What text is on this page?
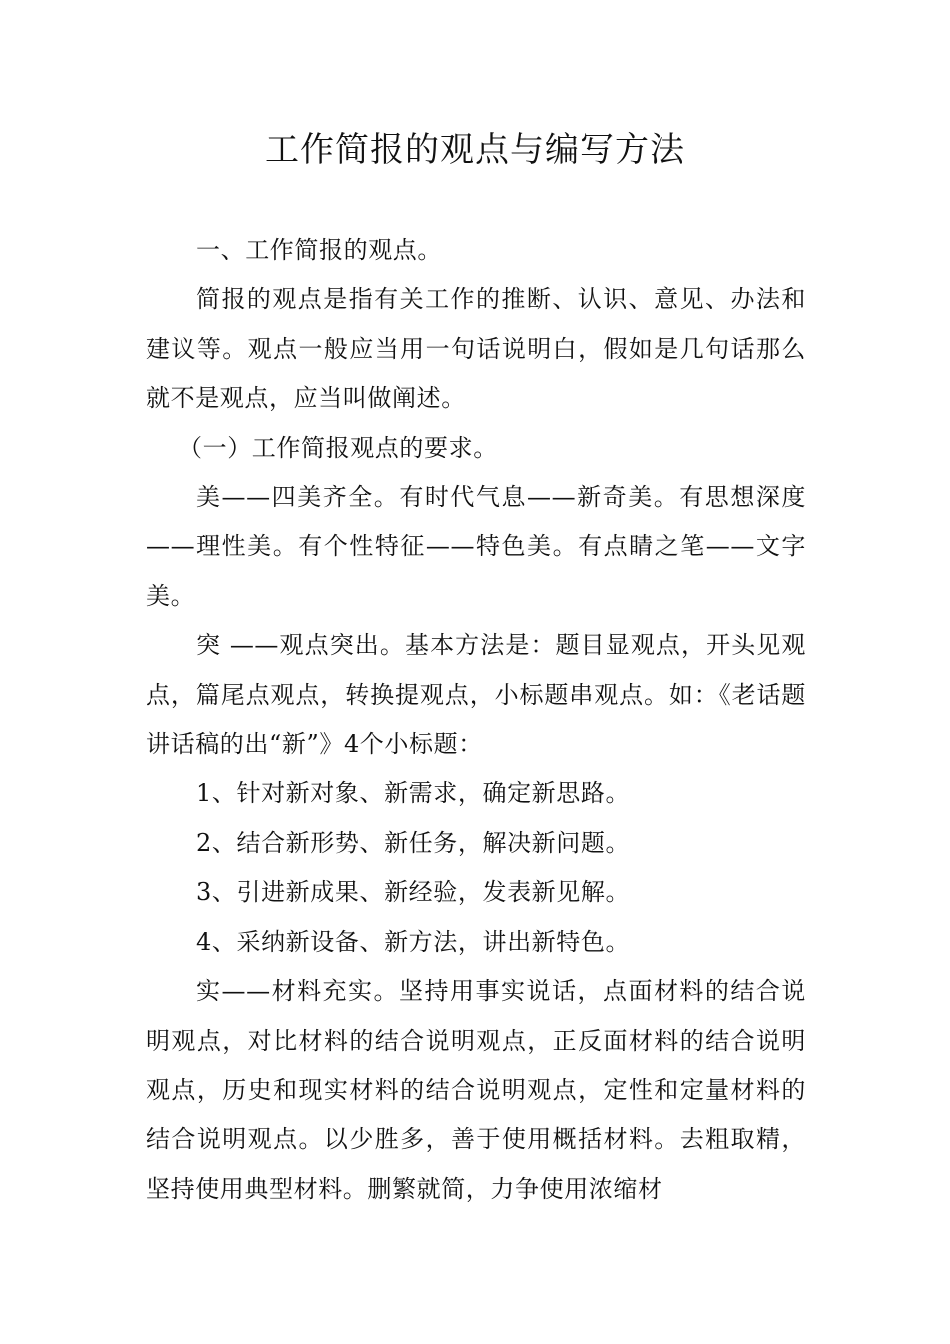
工作简报的观点与编写方法

一、工作简报的观点。

简报的观点是指有关工作的推断、认识、意见、办法和建议等。观点一般应当用一句话说明白，假如是几句话那么就不是观点，应当叫做阐述。

（一）工作简报观点的要求。

美——四美齐全。有时代气息——新奇美。有思想深度——理性美。有个性特征——特色美。有点睛之笔——文字美。

突 ——观点突出。基本方法是：题目显观点，开头见观点，篇尾点观点，转换提观点，小标题串观点。如：《老话题讲话稿的出“新”》4个小标题：

1、针对新对象、新需求，确定新思路。

2、结合新形势、新任务，解决新问题。

3、引进新成果、新经验，发表新见解。

4、采纳新设备、新方法，讲出新特色。

实——材料充实。坚持用事实说话，点面材料的结合说明观点，对比材料的结合说明观点，正反面材料的结合说明观点，历史和现实材料的结合说明观点，定性和定量材料的结合说明观点。以少胜多，善于使用概括材料。去粗取精，坚持使用典型材料。删繁就简，力争使用浓缩材
